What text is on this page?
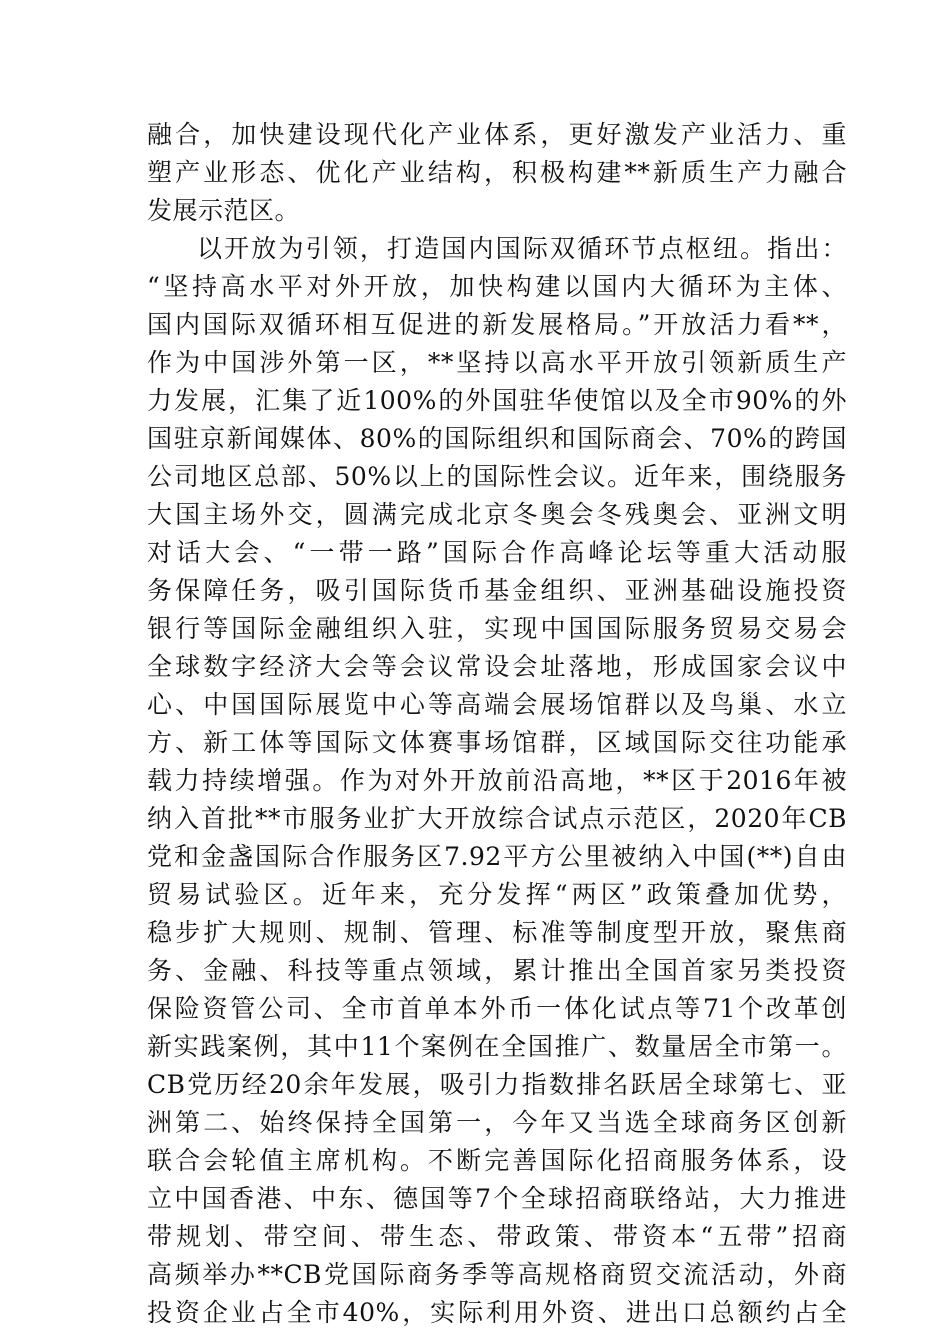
融合，加快建设现代化产业体系，更好激发产业活力、重
塑产业形态、优化产业结构，积极构建**新质生产力融合
发展示范区。
以开放为引领，打造国内国际双循环节点枢纽。指出：
“坚持高水平对外开放，加快构建以国内大循环为主体、
国内国际双循环相互促进的新发展格局。”开放活力看**，
作为中国涉外第一区，**坚持以高水平开放引领新质生产
力发展，汇集了近100%的外国驻华使馆以及全市90%的外
国驻京新闻媒体、80%的国际组织和国际商会、70%的跨国
公司地区总部、50%以上的国际性会议。近年来，围绕服务
大国主场外交，圆满完成北京冬奥会冬残奥会、亚洲文明
对话大会、“一带一路”国际合作高峰论坛等重大活动服
务保障任务，吸引国际货币基金组织、亚洲基础设施投资
银行等国际金融组织入驻，实现中国国际服务贸易交易会
全球数字经济大会等会议常设会址落地，形成国家会议中
心、中国国际展览中心等高端会展场馆群以及鸟巢、水立
方、新工体等国际文体赛事场馆群，区域国际交往功能承
载力持续增强。作为对外开放前沿高地，**区于2016年被
纳入首批**市服务业扩大开放综合试点示范区，2020年CB
党和金盏国际合作服务区7.92平方公里被纳入中国(**)自由
贸易试验区。近年来，充分发挥“两区”政策叠加优势，
稳步扩大规则、规制、管理、标准等制度型开放，聚焦商
务、金融、科技等重点领域，累计推出全国首家另类投资
保险资管公司、全市首单本外币一体化试点等71个改革创
新实践案例，其中11个案例在全国推广、数量居全市第一。
CB党历经20余年发展，吸引力指数排名跃居全球第七、亚
洲第二、始终保持全国第一，今年又当选全球商务区创新
联合会轮值主席机构。不断完善国际化招商服务体系，设
立中国香港、中东、德国等7个全球招商联络站，大力推进
带规划、带空间、带生态、带政策、带资本“五带”招商
高频举办**CB党国际商务季等高规格商贸交流活动，外商
投资企业占全市40%，实际利用外资、进出口总额约占全
